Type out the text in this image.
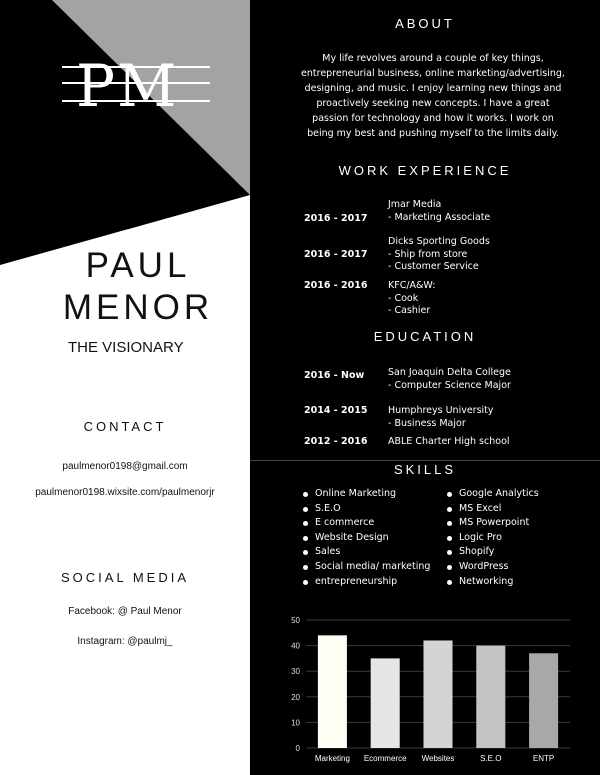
PM
PAUL
MENOR
THE VISIONARY
CONTACT
paulmenor0198@gmail.com
paulmenor0198.wixsite.com/paulmenorjr
SOCIAL MEDIA
Facebook: @ Paul Menor
Instagram: @paulmj_
ABOUT
My life revolves around a couple of key things, entrepreneurial business, online marketing/advertising, designing, and music. I enjoy learning new things and proactively seeking new concepts. I have a great passion for technology and how it works. I work on being my best and pushing myself to the limits daily.
WORK EXPERIENCE
2016 - 2017
Jmar Media
- Marketing Associate
2016 - 2017
Dicks Sporting Goods
- Ship from store
- Customer Service
2016 - 2016 KFC/A&W:
- Cook
- Cashier
EDUCATION
2016 - Now San Joaquin Delta College
- Computer Science Major
2014 - 2015 Humphreys University
- Business Major
2012 - 2016 ABLE Charter High school
SKILLS
Online Marketing
S.E.O
E commerce
Website Design
Sales
Social media/ marketing
entrepreneurship
Google Analytics
MS Excel
MS Powerpoint
Logic Pro
Shopify
WordPress
Networking
0
10
20
30
40
50
Marketing Ecommerce Websites	S.E.O	ENTP
